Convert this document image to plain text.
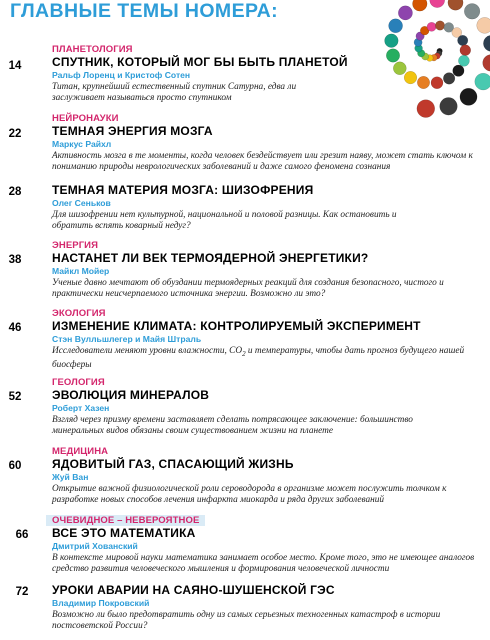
ГЛАВНЫЕ ТЕМЫ НОМЕРА:
14
ПЛАНЕТОЛОГИЯ
СПУТНИК, КОТОРЫЙ МОГ БЫ БЫТЬ ПЛАНЕТОЙ
Ральф Лоренц и Кристоф Сотен
Титан, крупнейший естественный спутник Сатурна, едва ли заслуживает называться просто спутником
22
НЕЙРОНАУКИ
ТЕМНАЯ ЭНЕРГИЯ МОЗГА
Маркус Райхл
Активность мозга в те моменты, когда человек бездействует или грезит наяву, может стать ключом к пониманию природы неврологических заболеваний и даже самого феномена сознания
28	ТЕМНАЯ МАТЕРИЯ МОЗГА: ШИЗОФРЕНИЯ
Олег Сеньков
Для шизофрении нет культурной, национальной и половой разницы. Как остановить и обратить вспять коварный недуг?
38
ЭНЕРГИЯ
НАСТАНЕТ ЛИ ВЕК ТЕРМОЯДЕРНОЙ ЭНЕРГЕТИКИ?
Майкл Мойер
Ученые давно мечтают об обуздании термоядерных реакций для создания безопасного, чистого и практически неисчерпаемого источника энергии. Возможно ли это?
46
ЭКОЛОГИЯ
ИЗМЕНЕНИЕ КЛИМАТА: КОНТРОЛИРУЕМЫЙ ЭКСПЕРИМЕНТ
Стэн Вулльшлегер и Майя Штраль
Исследователи меняют уровни влажности, $CO_2$ и температуры, чтобы дать прогноз будущего нашей биосферы
52
ГЕОЛОГИЯ
ЭВОЛЮЦИЯ МИНЕРАЛОВ
Роберт Хазен
Взгляд через призму времени заставляет сделать потрясающее заключение: большинство минеральных видов обязаны своим существованием жизни на планете
60
МЕДИЦИНА
ЯДОВИТЫЙ ГАЗ, СПАСАЮЩИЙ ЖИЗНЬ
Жуй Ван
Открытие важной физиологической роли сероводорода в организме может послужить толчком к разработке новых способов лечения инфаркта миокарда и ряда других заболеваний
66
ОЧЕВИДНОЕ – НЕВЕРОЯТНОЕ
ВСЕ ЭТО МАТЕМАТИКА
Дмитрий Хованский
В контексте мировой науки математика занимает особое место. Кроме того, это не имеющее аналогов средство развития человеческого мышления и формирования человеческой личности
72	УРОКИ АВАРИИ НА САЯНО-ШУШЕНСКОЙ ГЭС
Владимир Покровский
Возможно ли было предотвратить одну из самых серьезных техногенных катастроф в истории постсоветской России?
